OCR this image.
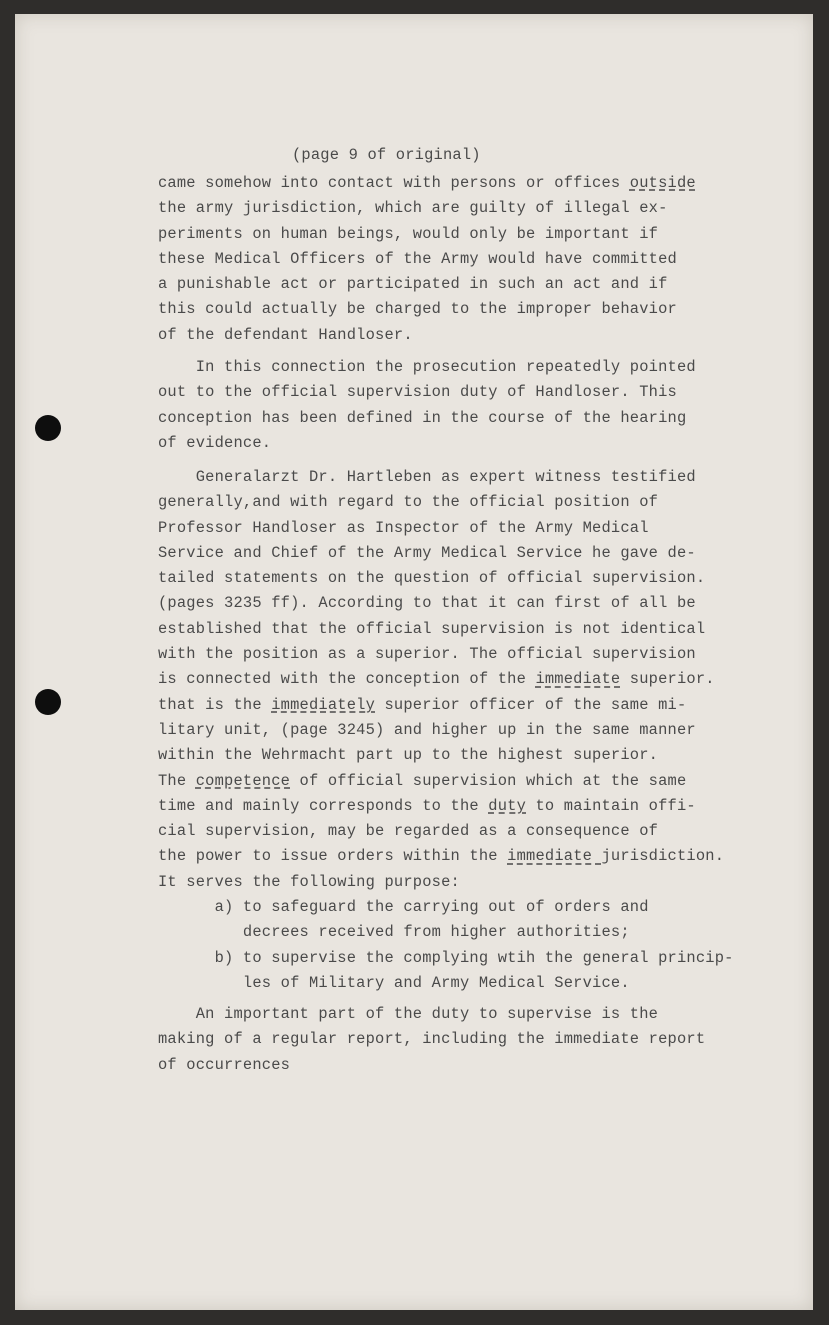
(page 9 of original)
came somehow into contact with persons or offices outside
the army jurisdiction, which are guilty of illegal ex-
periments on human beings, would only be important if
these Medical Officers of the Army would have committed
a punishable act or participated in such an act and if
this could actually be charged to the improper behavior
of the defendant Handloser.
In this connection the prosecution repeatedly pointed
out to the official supervision duty of Handloser. This
conception has been defined in the course of the hearing
of evidence.
Generalarzt Dr. Hartleben as expert witness testified
generally,and with regard to the official position of
Professor Handloser as Inspector of the Army Medical
Service and Chief of the Army Medical Service he gave de-
tailed statements on the question of official supervision.
(pages 3235 ff). According to that it can first of all be
established that the official supervision is not identical
with the position as a superior. The official supervision
is connected with the conception of the immediate superior.
that is the immediately superior officer of the same mi-
litary unit, (page 3245) and higher up in the same manner
within the Wehrmacht part up to the highest superior.
The competence of official supervision which at the same
time and mainly corresponds to the duty to maintain offi-
cial supervision, may be regarded as a consequence of
the power to issue orders within the immediate jurisdiction.
It serves the following purpose:
a) to safeguard the carrying out of orders and
decrees received from higher authorities;
b) to supervise the complying wtih the general princip-
les of Military and Army Medical Service.
An important part of the duty to supervise is the
making of a regular report, including the immediate report
of occurrences
